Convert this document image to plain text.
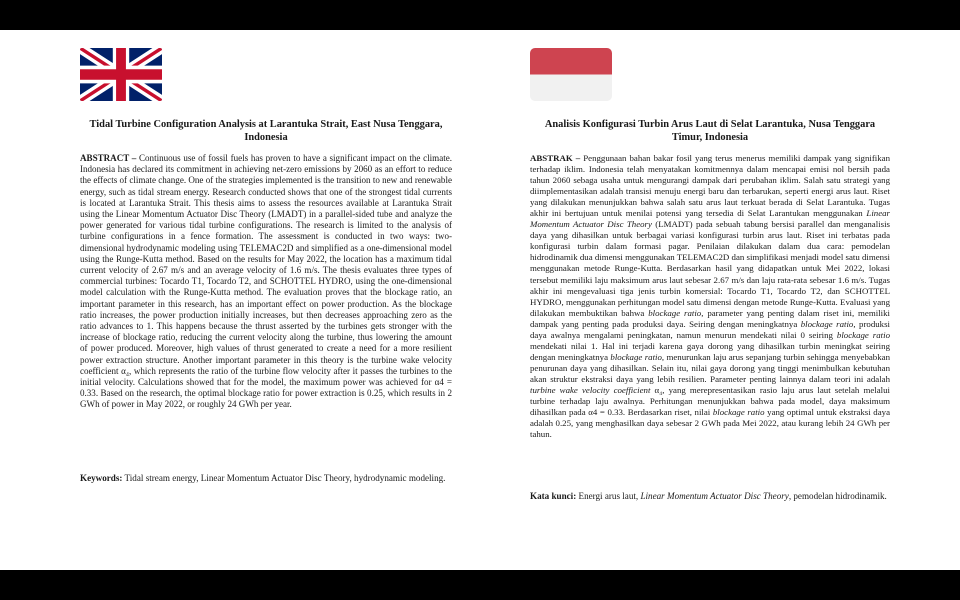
Tidal Turbine Configuration Analysis at Larantuka Strait, East Nusa Tenggara, Indonesia

ABSTRACT – Continuous use of fossil fuels has proven to have a significant impact on the climate. Indonesia has declared its commitment in achieving net-zero emissions by 2060 as an effort to reduce the effects of climate change. One of the strategies implemented is the transition to new and renewable energy, such as tidal stream energy. Research conducted shows that one of the strongest tidal currents is located at Larantuka Strait. This thesis aims to assess the resources available at Larantuka Strait using the Linear Momentum Actuator Disc Theory (LMADT) in a parallel-sided tube and analyze the power generated for various tidal turbine configurations. The research is limited to the analysis of turbine configurations in a fence formation. The assessment is conducted in two ways: two-dimensional hydrodynamic modeling using TELEMAC2D and simplified as a one-dimensional model using the Runge-Kutta method. Based on the results for May 2022, the location has a maximum tidal current velocity of 2.67 m/s and an average velocity of 1.6 m/s. The thesis evaluates three types of commercial turbines: Tocardo T1, Tocardo T2, and SCHOTTEL HYDRO, using the one-dimensional model calculation with the Runge-Kutta method. The evaluation proves that the blockage ratio, an important parameter in this research, has an important effect on power production. As the blockage ratio increases, the power production initially increases, but then decreases approaching zero as the ratio advances to 1. This happens because the thrust asserted by the turbines gets stronger with the increase of blockage ratio, reducing the current velocity along the turbine, thus lowering the amount of power produced. Moreover, high values of thrust generated to create a need for a more resilient power extraction structure. Another important parameter in this theory is the turbine wake velocity coefficient α₄, which represents the ratio of the turbine flow velocity after it passes the turbines to the initial velocity. Calculations showed that for the model, the maximum power was achieved for α4 = 0.33. Based on the research, the optimal blockage ratio for power extraction is 0.25, which results in 2 GWh of power in May 2022, or roughly 24 GWh per year.

Keywords: Tidal stream energy, Linear Momentum Actuator Disc Theory, hydrodynamic modeling.

Analisis Konfigurasi Turbin Arus Laut di Selat Larantuka, Nusa Tenggara Timur, Indonesia

ABSTRAK – Penggunaan bahan bakar fosil yang terus menerus memiliki dampak yang signifikan terhadap iklim. Indonesia telah menyatakan komitmennya dalam mencapai emisi nol bersih pada tahun 2060 sebaga usaha untuk mengurangi dampak dari perubahan iklim. Salah satu strategi yang diimplementasikan adalah transisi menuju energi baru dan terbarukan, seperti energi arus laut. Riset yang dilakukan menunjukkan bahwa salah satu arus laut terkuat berada di Selat Larantuka. Tugas akhir ini bertujuan untuk menilai potensi yang tersedia di Selat Larantukan menggunakan Linear Momentum Actuator Disc Theory (LMADT) pada sebuah tabung bersisi parallel dan menganalisis daya yang dihasilkan untuk berbagai variasi konfigurasi turbin arus laut. Riset ini terbatas pada konfigurasi turbin dalam formasi pagar. Penilaian dilakukan dalam dua cara: pemodelan hidrodinamik dua dimensi menggunakan TELEMAC2D dan simplifikasi menjadi model satu dimensi menggunakan metode Runge-Kutta. Berdasarkan hasil yang didapatkan untuk Mei 2022, lokasi tersebut memiliki laju maksimum arus laut sebesar 2.67 m/s dan laju rata-rata sebesar 1.6 m/s. Tugas akhir ini mengevaluasi tiga jenis turbin komersial: Tocardo T1, Tocardo T2, dan SCHOTTEL HYDRO, menggunakan perhitungan model satu dimensi dengan metode Runge-Kutta. Evaluasi yang dilakukan membuktikan bahwa blockage ratio, parameter yang penting dalam riset ini, memiliki dampak yang penting pada produksi daya. Seiring dengan meningkatnya blockage ratio, produksi daya awalnya mengalami peningkatan, namun menurun mendekati nilai 0 seiring blockage ratio mendekati nilai 1. Hal ini terjadi karena gaya dorong yang dihasilkan turbin meningkat seiring dengan meningkatnya blockage ratio, menurunkan laju arus sepanjang turbin sehingga menyebabkan penurunan daya yang dihasilkan. Selain itu, nilai gaya dorong yang tinggi menimbulkan kebutuhan akan struktur ekstraksi daya yang lebih resilien. Parameter penting lainnya dalam teori ini adalah turbine wake velocity coefficient α₄, yang merepresentasikan rasio laju arus laut setelah melalui turbine terhadap laju awalnya. Perhitungan menunjukkan bahwa pada model, daya maksimum dihasilkan pada α4 = 0.33. Berdasarkan riset, nilai blockage ratio yang optimal untuk ekstraksi daya adalah 0.25, yang menghasilkan daya sebesar 2 GWh pada Mei 2022, atau kurang lebih 24 GWh per tahun.

Kata kunci: Energi arus laut, Linear Momentum Actuator Disc Theory, pemodelan hidrodinamik.
